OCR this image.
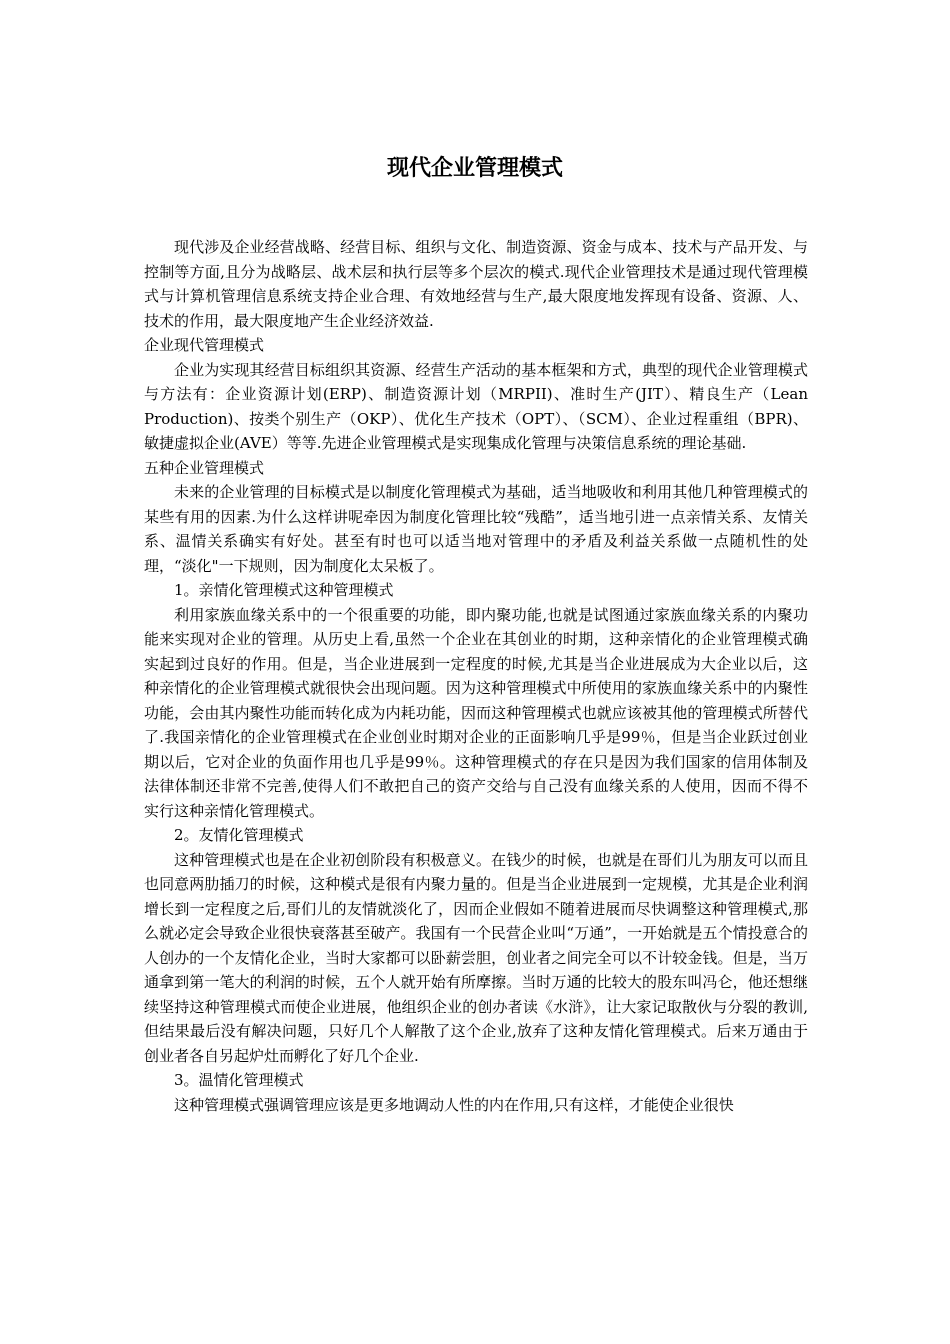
现代企业管理模式

现代涉及企业经营战略、经营目标、组织与文化、制造资源、资金与成本、技术与产品开发、与控制等方面,且分为战略层、战术层和执行层等多个层次的模式.现代企业管理技术是通过现代管理模式与计算机管理信息系统支持企业合理、有效地经营与生产,最大限度地发挥现有设备、资源、人、技术的作用，最大限度地产生企业经济效益.

企业现代管理模式

企业为实现其经营目标组织其资源、经营生产活动的基本框架和方式，典型的现代企业管理模式与方法有：企业资源计划(ERP)、制造资源计划（MRPII)、准时生产(JIT）、精良生产（Lean Production)、按类个别生产（OKP）、优化生产技术（OPT）、（SCM）、企业过程重组（BPR)、敏捷虚拟企业(AVE）等等.先进企业管理模式是实现集成化管理与决策信息系统的理论基础.

五种企业管理模式

未来的企业管理的目标模式是以制度化管理模式为基础，适当地吸收和利用其他几种管理模式的某些有用的因素.为什么这样讲呢牵因为制度化管理比较“残酷”，适当地引进一点亲情关系、友情关系、温情关系确实有好处。甚至有时也可以适当地对管理中的矛盾及利益关系做一点随机性的处理，“淡化"一下规则，因为制度化太呆板了。

1。亲情化管理模式这种管理模式

利用家族血缘关系中的一个很重要的功能，即内聚功能,也就是试图通过家族血缘关系的内聚功能来实现对企业的管理。从历史上看,虽然一个企业在其创业的时期，这种亲情化的企业管理模式确实起到过良好的作用。但是，当企业进展到一定程度的时候,尤其是当企业进展成为大企业以后，这种亲情化的企业管理模式就很快会出现问题。因为这种管理模式中所使用的家族血缘关系中的内聚性功能，会由其内聚性功能而转化成为内耗功能，因而这种管理模式也就应该被其他的管理模式所替代了.我国亲情化的企业管理模式在企业创业时期对企业的正面影响几乎是99％，但是当企业跃过创业期以后，它对企业的负面作用也几乎是99％。这种管理模式的存在只是因为我们国家的信用体制及法律体制还非常不完善,使得人们不敢把自己的资产交给与自己没有血缘关系的人使用，因而不得不实行这种亲情化管理模式。

2。友情化管理模式

这种管理模式也是在企业初创阶段有积极意义。在钱少的时候，也就是在哥们儿为朋友可以而且也同意两肋插刀的时候，这种模式是很有内聚力量的。但是当企业进展到一定规模，尤其是企业利润增长到一定程度之后,哥们儿的友情就淡化了，因而企业假如不随着进展而尽快调整这种管理模式,那么就必定会导致企业很快衰落甚至破产。我国有一个民营企业叫“万通”，一开始就是五个情投意合的人创办的一个友情化企业，当时大家都可以卧薪尝胆，创业者之间完全可以不计较金钱。但是，当万通拿到第一笔大的利润的时候，五个人就开始有所摩擦。当时万通的比较大的股东叫冯仑，他还想继续坚持这种管理模式而使企业进展，他组织企业的创办者读《水浒》，让大家记取散伙与分裂的教训,但结果最后没有解决问题，只好几个人解散了这个企业,放弃了这种友情化管理模式。后来万通由于创业者各自另起炉灶而孵化了好几个企业.

3。温情化管理模式

这种管理模式强调管理应该是更多地调动人性的内在作用,只有这样，才能使企业很快
